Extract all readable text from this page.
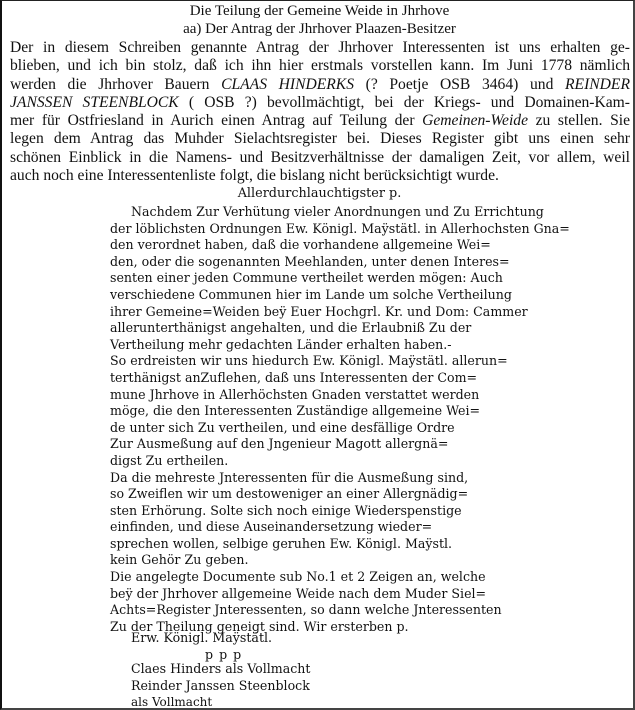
Die Teilung der Gemeine Weide in Jhrhove
aa) Der Antrag der Jhrhover Plaazen-Besitzer
Der in diesem Schreiben genannte Antrag der Jhrhover Interessenten ist uns erhalten ge-
blieben, und ich bin stolz, daß ich ihn hier erstmals vorstellen kann. Im Juni 1778 nämlich
werden die Jhrhover Bauern CLAAS HINDERKS (? Poetje OSB 3464) und REINDER
JANSSEN STEENBLOCK ( OSB ?) bevollmächtigt, bei der Kriegs- und Domainen-Kam-
mer für Ostfriesland in Aurich einen Antrag auf Teilung der Gemeinen-Weide zu stellen. Sie
legen dem Antrag das Muhder Sielachtsregister bei. Dieses Register gibt uns einen sehr
schönen Einblick in die Namens- und Besitzverhältnisse der damaligen Zeit, vor allem, weil
auch noch eine Interessentenliste folgt, die bislang nicht berücksichtigt wurde.
Allerdurchlauchtigster p.
Nachdem Zur Verhütung vieler Anordnungen und Zu Errichtung
der löblichsten Ordnungen Ew. Königl. Maÿstätl. in Allerhochsten Gna=
den verordnet haben, daß die vorhandene allgemeine Wei=
den, oder die sogenannten Meehlanden, unter denen Interes=
senten einer jeden Commune vertheilet werden mögen: Auch
verschiedene Communen hier im Lande um solche Vertheilung
ihrer Gemeine=Weiden beÿ Euer Hochgrl. Kr. und Dom: Cammer
allerunterthänigst angehalten, und die Erlaubniß Zu der
Vertheilung mehr gedachten Länder erhalten haben.-
So erdreisten wir uns hiedurch Ew. Königl. Maÿstätl. allerun=
terthänigst anZuflehen, daß uns Interessenten der Com=
mune Jhrhove in Allerhöchsten Gnaden verstattet werden
möge, die den Interessenten Zuständige allgemeine Wei=
de unter sich Zu vertheilen, und eine desfällige Ordre
Zur Ausmeßung auf den Jngenieur Magott allergnä=
digst Zu ertheilen.
Da die mehreste Jnteressenten für die Ausmeßung sind,
so Zweiflen wir um destoweniger an einer Allergnädig=
sten Erhörung. Solte sich noch einige Wiederspenstige
einfinden, und diese Auseinandersetzung wieder=
sprechen wollen, selbige geruhen Ew. Königl. Maÿstl.
kein Gehör Zu geben.
Die angelegte Documente sub No.1 et 2 Zeigen an, welche
beÿ der Jhrhover allgemeine Weide nach dem Muder Siel=
Achts=Register Jnteressenten, so dann welche Jnteressenten
Zu der Theilung geneigt sind. Wir ersterben p.
Erw. Königl. Maÿstätl.
p p p
Claes Hinders als Vollmacht
Reinder Janssen Steenblock
als Vollmacht
